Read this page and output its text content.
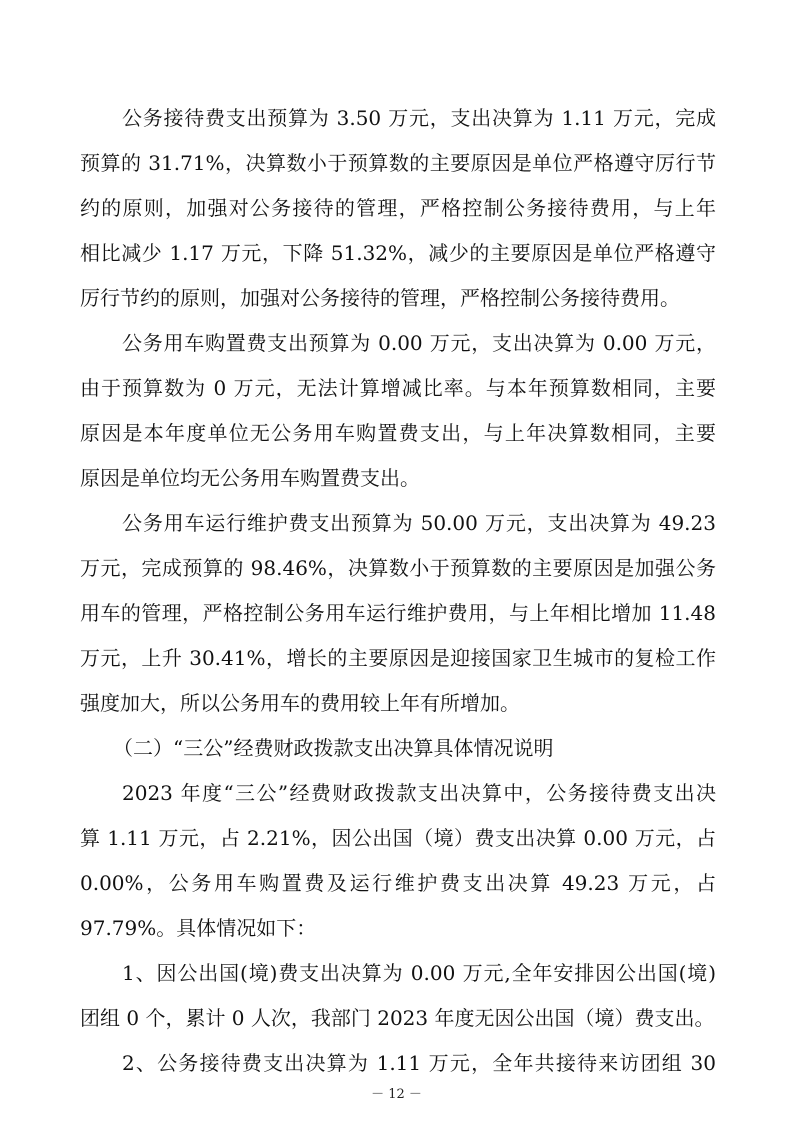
公务接待费支出预算为 3.50 万元，支出决算为 1.11 万元，完成
预算的 31.71%，决算数小于预算数的主要原因是单位严格遵守厉行节
约的原则，加强对公务接待的管理，严格控制公务接待费用，与上年
相比减少 1.17 万元，下降 51.32%，减少的主要原因是单位严格遵守
厉行节约的原则，加强对公务接待的管理，严格控制公务接待费用。
公务用车购置费支出预算为 0.00 万元，支出决算为 0.00 万元，
由于预算数为 0 万元，无法计算增减比率。与本年预算数相同，主要
原因是本年度单位无公务用车购置费支出，与上年决算数相同，主要
原因是单位均无公务用车购置费支出。
公务用车运行维护费支出预算为 50.00 万元，支出决算为 49.23
万元，完成预算的 98.46%，决算数小于预算数的主要原因是加强公务
用车的管理，严格控制公务用车运行维护费用，与上年相比增加 11.48
万元，上升 30.41%，增长的主要原因是迎接国家卫生城市的复检工作
强度加大，所以公务用车的费用较上年有所增加。
（二）“三公”经费财政拨款支出决算具体情况说明
2023 年度“三公”经费财政拨款支出决算中，公务接待费支出决
算 1.11 万元，占 2.21%，因公出国（境）费支出决算 0.00 万元，占
0.00%，公务用车购置费及运行维护费支出决算 49.23 万元，占
97.79%。具体情况如下：
1、因公出国(境)费支出决算为 0.00 万元,全年安排因公出国(境)
团组 0 个，累计 0 人次，我部门 2023 年度无因公出国（境）费支出。
2、公务接待费支出决算为 1.11 万元，全年共接待来访团组 30
－ 12 －
